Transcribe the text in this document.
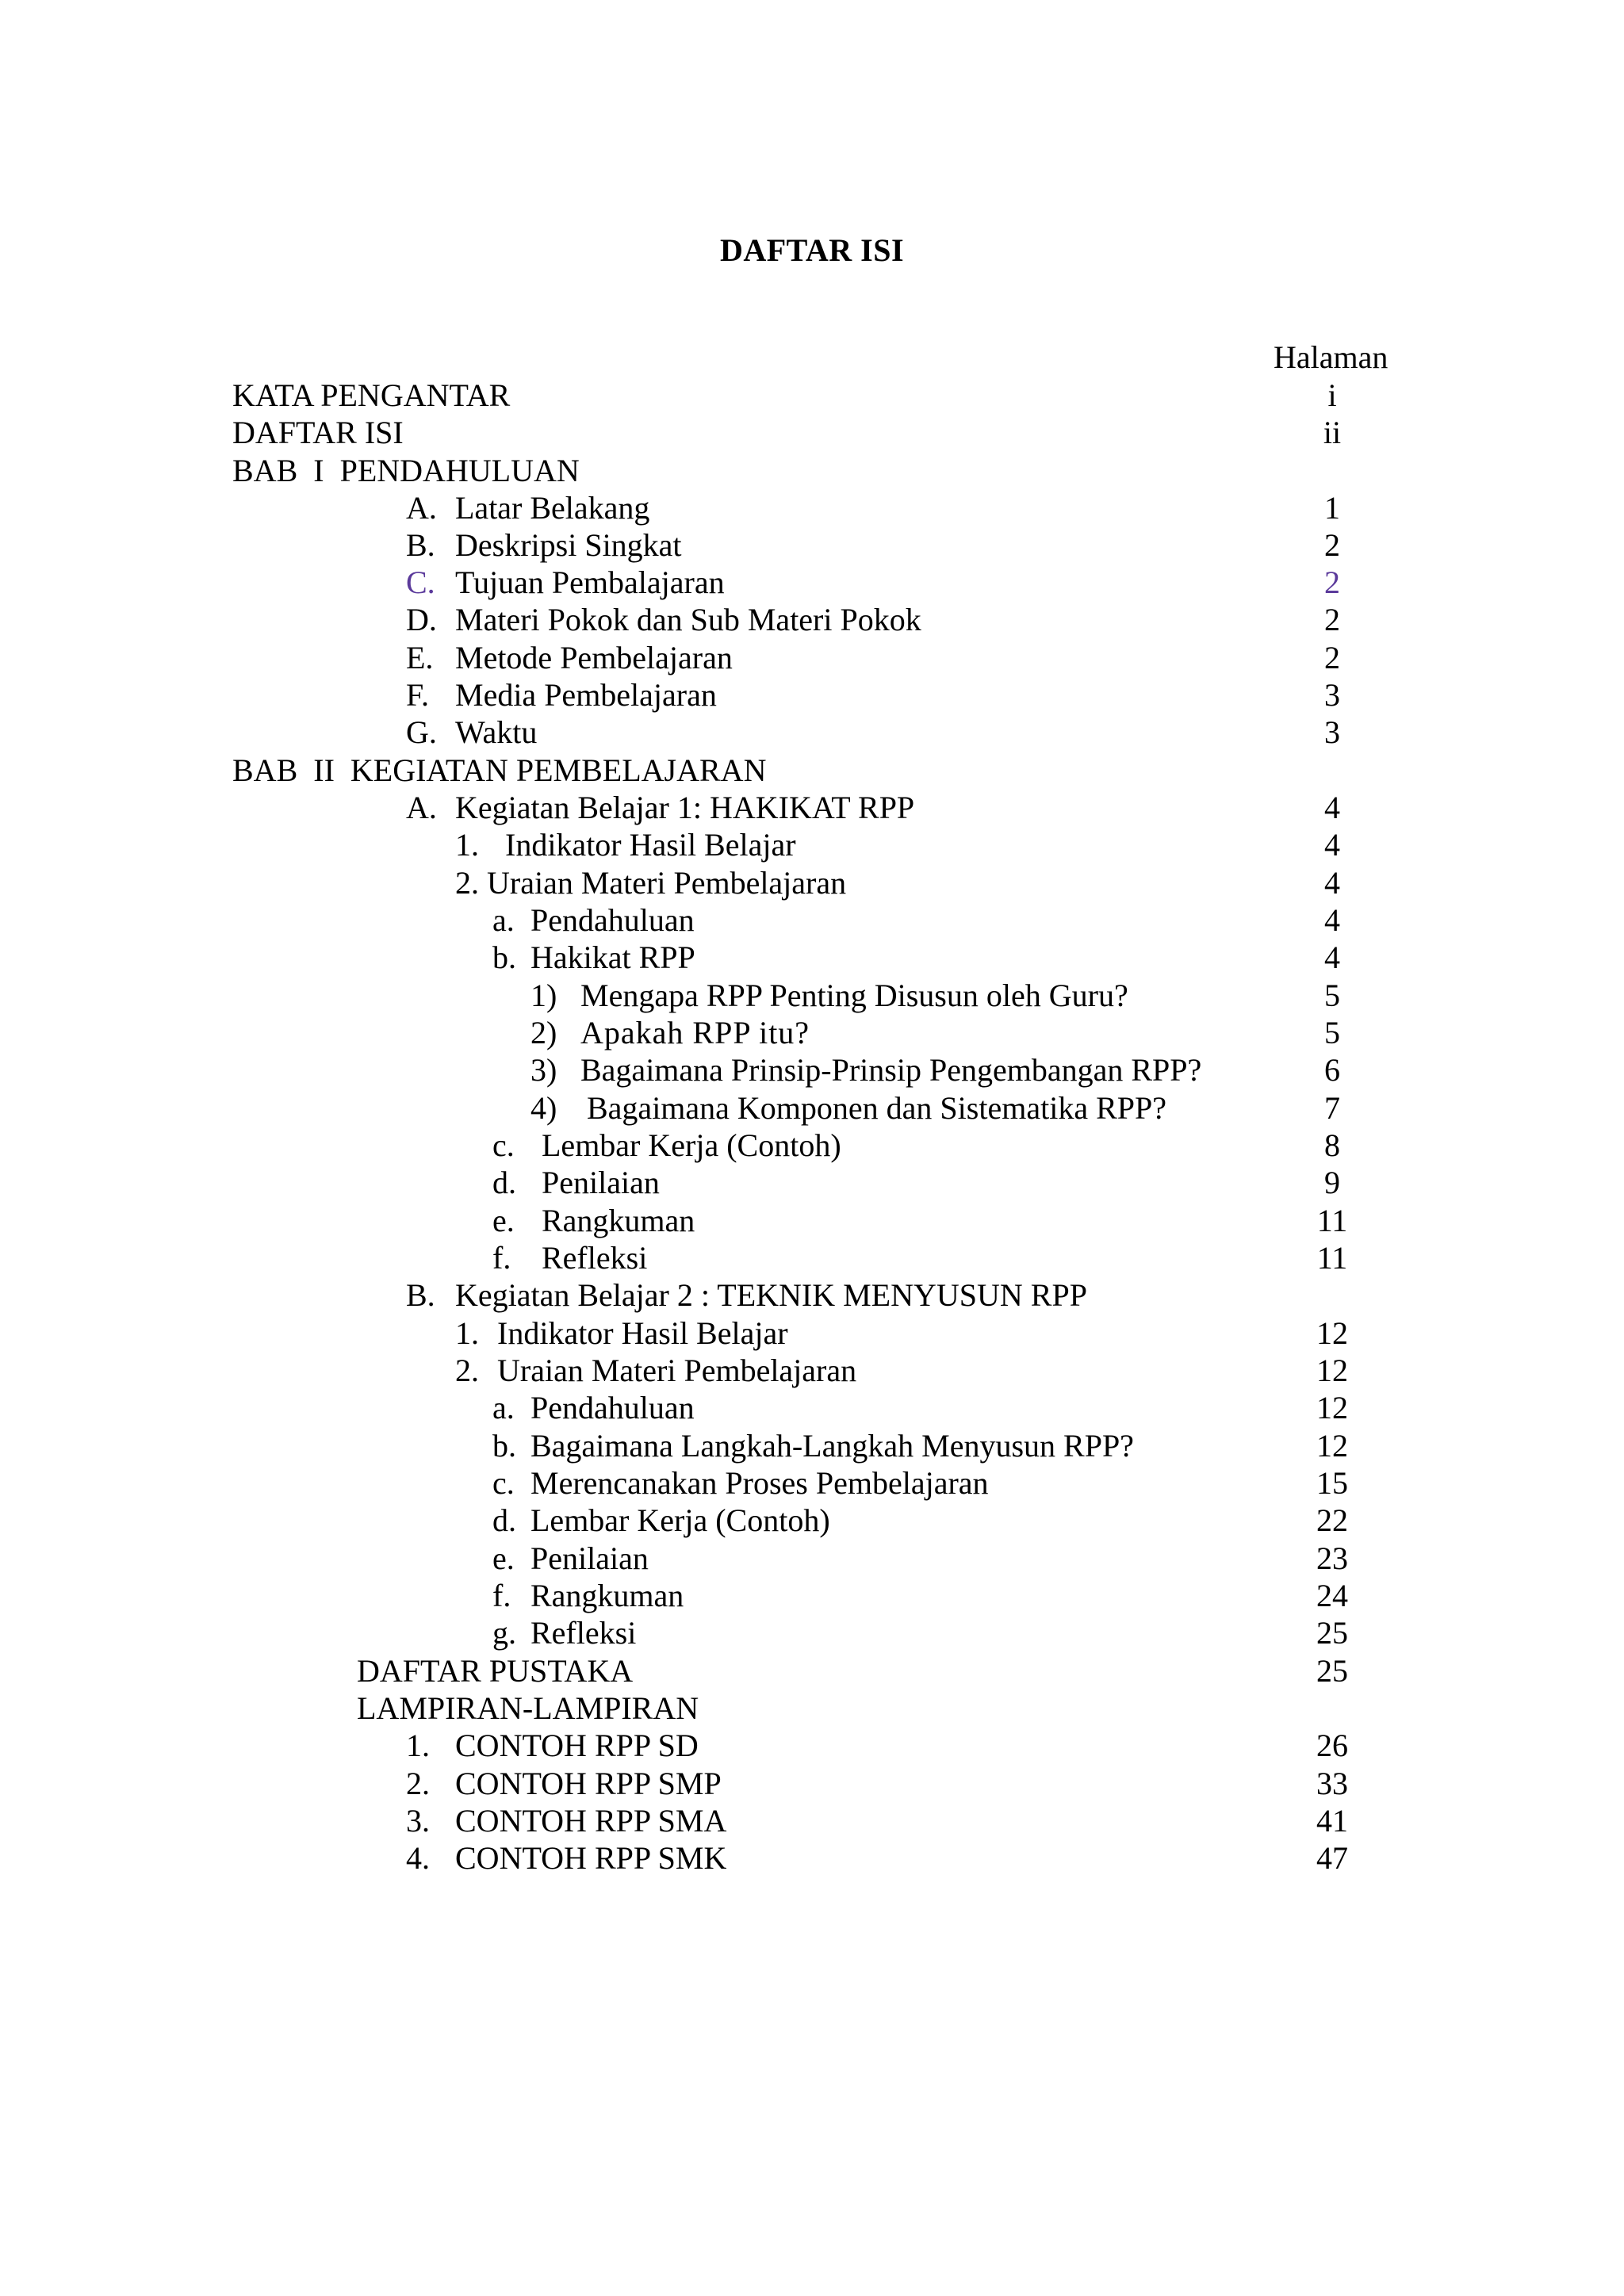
DAFTAR ISI
Halaman
KATA PENGANTAR	i
DAFTAR ISI	ii
BAB  I  PENDAHULUAN
A. Latar Belakang	1
B. Deskripsi Singkat	2
C. Tujuan Pembalajaran	2
D. Materi Pokok dan Sub Materi Pokok	2
E. Metode Pembelajaran	2
F. Media Pembelajaran	3
G. Waktu	3
BAB  II  KEGIATAN PEMBELAJARAN
A. Kegiatan Belajar 1: HAKIKAT RPP	4
1. Indikator Hasil Belajar	4
2. Uraian Materi Pembelajaran	4
a. Pendahuluan	4
b. Hakikat RPP	4
1) Mengapa RPP Penting Disusun oleh Guru?	5
2) Apakah RPP itu?	5
3) Bagaimana Prinsip-Prinsip Pengembangan RPP?	6
4) Bagaimana Komponen dan Sistematika RPP?	7
c. Lembar Kerja (Contoh)	8
d. Penilaian	9
e. Rangkuman	11
f. Refleksi	11
B. Kegiatan Belajar 2 : TEKNIK MENYUSUN RPP
1. Indikator Hasil Belajar	12
2. Uraian Materi Pembelajaran	12
a. Pendahuluan	12
b. Bagaimana Langkah-Langkah Menyusun RPP?	12
c. Merencanakan Proses Pembelajaran	15
d. Lembar Kerja (Contoh)	22
e. Penilaian	23
f. Rangkuman	24
g. Refleksi	25
DAFTAR PUSTAKA	25
LAMPIRAN-LAMPIRAN
1. CONTOH RPP SD	26
2. CONTOH RPP SMP	33
3. CONTOH RPP SMA	41
4. CONTOH RPP SMK	47
